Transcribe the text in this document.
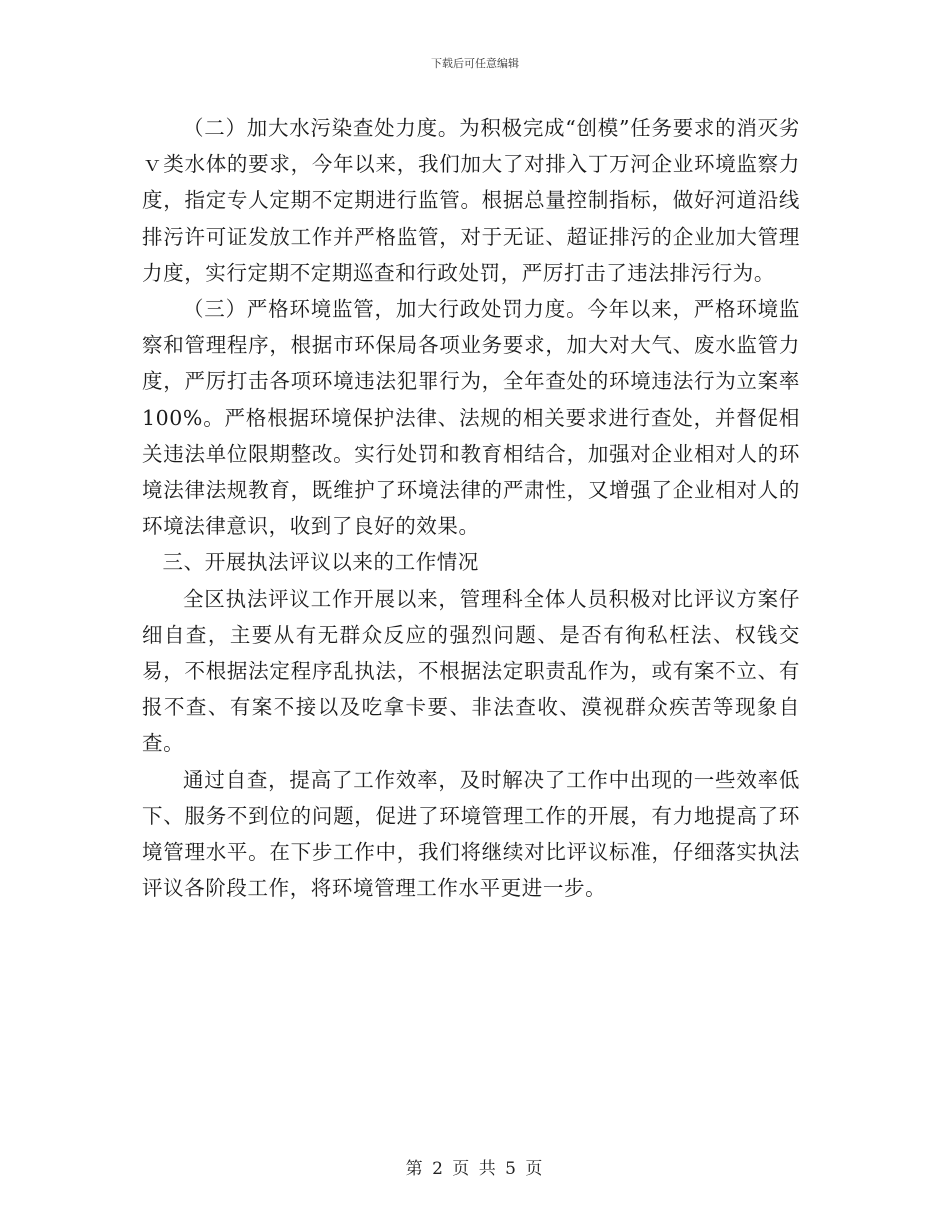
下载后可任意编辑

（二）加大水污染查处力度。为积极完成“创模”任务要求的消灭劣ｖ类水体的要求，今年以来，我们加大了对排入丁万河企业环境监察力度，指定专人定期不定期进行监管。根据总量控制指标，做好河道沿线排污许可证发放工作并严格监管，对于无证、超证排污的企业加大管理力度，实行定期不定期巡查和行政处罚，严厉打击了违法排污行为。

（三）严格环境监管，加大行政处罚力度。今年以来，严格环境监察和管理程序，根据市环保局各项业务要求，加大对大气、废水监管力度，严厉打击各项环境违法犯罪行为，全年查处的环境违法行为立案率100%。严格根据环境保护法律、法规的相关要求进行查处，并督促相关违法单位限期整改。实行处罚和教育相结合，加强对企业相对人的环境法律法规教育，既维护了环境法律的严肃性，又增强了企业相对人的环境法律意识，收到了良好的效果。

三、开展执法评议以来的工作情况

全区执法评议工作开展以来，管理科全体人员积极对比评议方案仔细自查，主要从有无群众反应的强烈问题、是否有徇私枉法、权钱交易，不根据法定程序乱执法，不根据法定职责乱作为，或有案不立、有报不查、有案不接以及吃拿卡要、非法查收、漠视群众疾苦等现象自查。

通过自查，提高了工作效率，及时解决了工作中出现的一些效率低下、服务不到位的问题，促进了环境管理工作的开展，有力地提高了环境管理水平。在下步工作中，我们将继续对比评议标准，仔细落实执法评议各阶段工作，将环境管理工作水平更进一步。

第 2 页 共 5 页
